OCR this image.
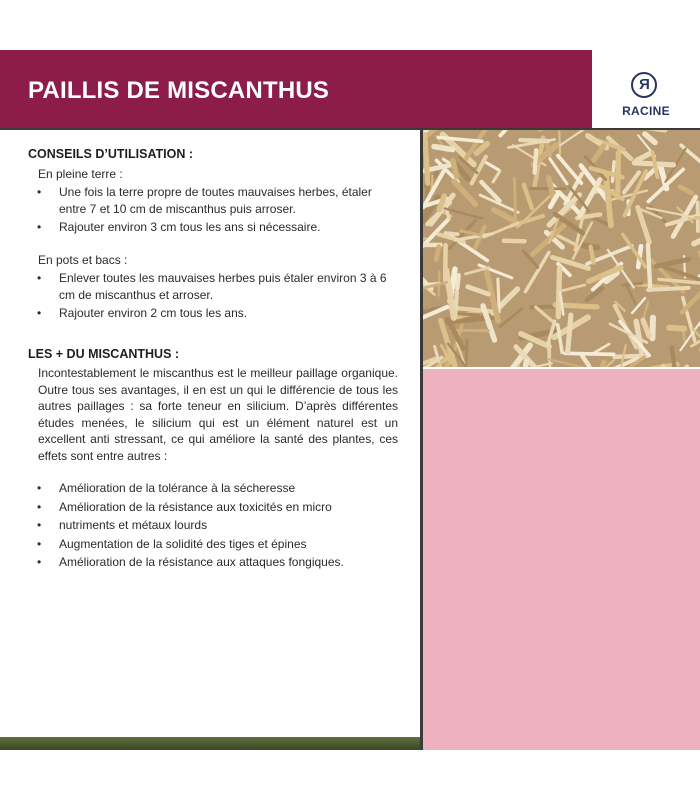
PAILLIS DE MISCANTHUS	R
RACINE
CONSEILS D’UTILISATION :
En pleine terre :
• Une fois la terre propre de toutes mauvaises herbes, étaler entre 7 et 10 cm de miscanthus puis arroser.
• Rajouter environ 3 cm tous les ans si nécessaire.
En pots et bacs :
• Enlever toutes les mauvaises herbes puis étaler environ 3 à 6 cm de miscanthus et arroser.
• Rajouter environ 2 cm tous les ans.
LES + DU MISCANTHUS :

Incontestablement le miscanthus est le meilleur paillage organique. Outre tous ses avantages, il en est un qui le différencie de tous les autres paillages : sa forte teneur en silicium. D’après différentes études menées, le silicium qui est un élément naturel est un excellent anti stressant, ce qui améliore la santé des plantes, ces effets sont entre autres :

• Amélioration de la tolérance à la sécheresse
• Amélioration de la résistance aux toxicités en micro
• nutriments et métaux lourds
• Augmentation de la solidité des tiges et épines
• Amélioration de la résistance aux attaques fongiques.
